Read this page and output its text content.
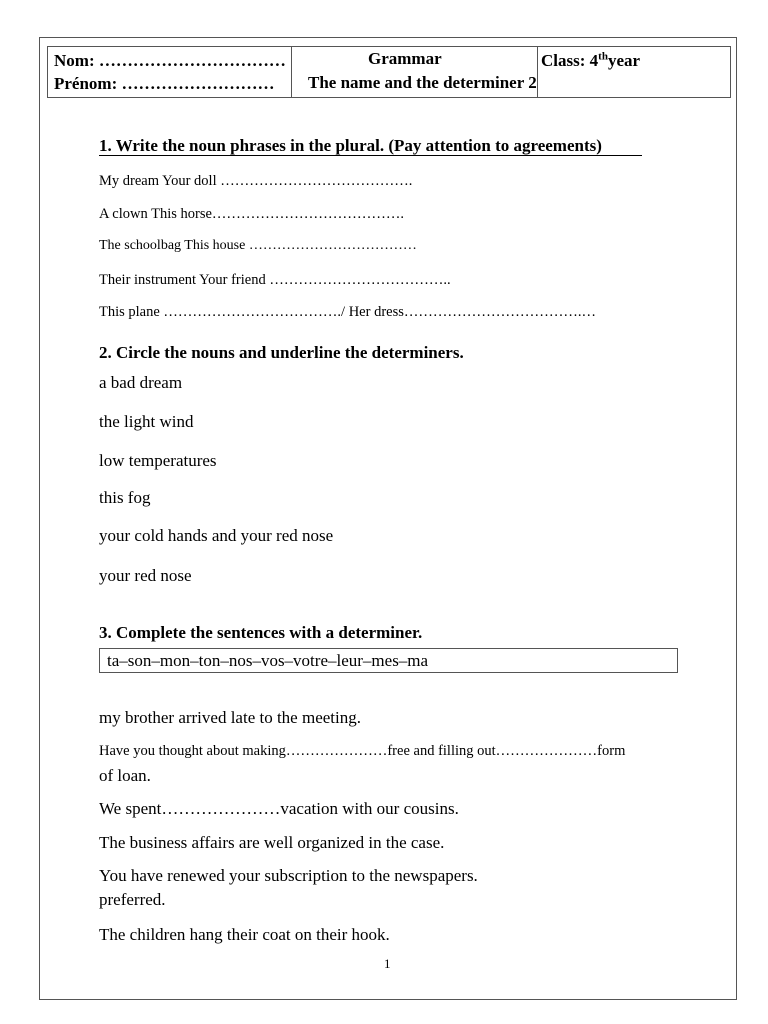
Nom: ……………………………
Prénom: ………………………
Grammar
The name and the determiner 2
Class: 4thyear
1. Write the noun phrases in the plural. (Pay attention to agreements)
My dream Your doll ………………………………….
A clown This horse………………………………….
The schoolbag This house ………………………………
Their instrument Your friend ………………………………..
This plane ………………………………./ Her dress……………………………….…
2. Circle the nouns and underline the determiners.
a bad dream
the light wind
low temperatures
this fog
your cold hands and your red nose
your red nose
3. Complete the sentences with a determiner.
ta–son–mon–ton–nos–vos–votre–leur–mes–ma
my brother arrived late to the meeting.
Have you thought about making…………………free and filling out…………………form
of loan.
We spent…………………vacation with our cousins.
The business affairs are well organized in the case.
You have renewed your subscription to the newspapers.
preferred.
The children hang their coat on their hook.
1
